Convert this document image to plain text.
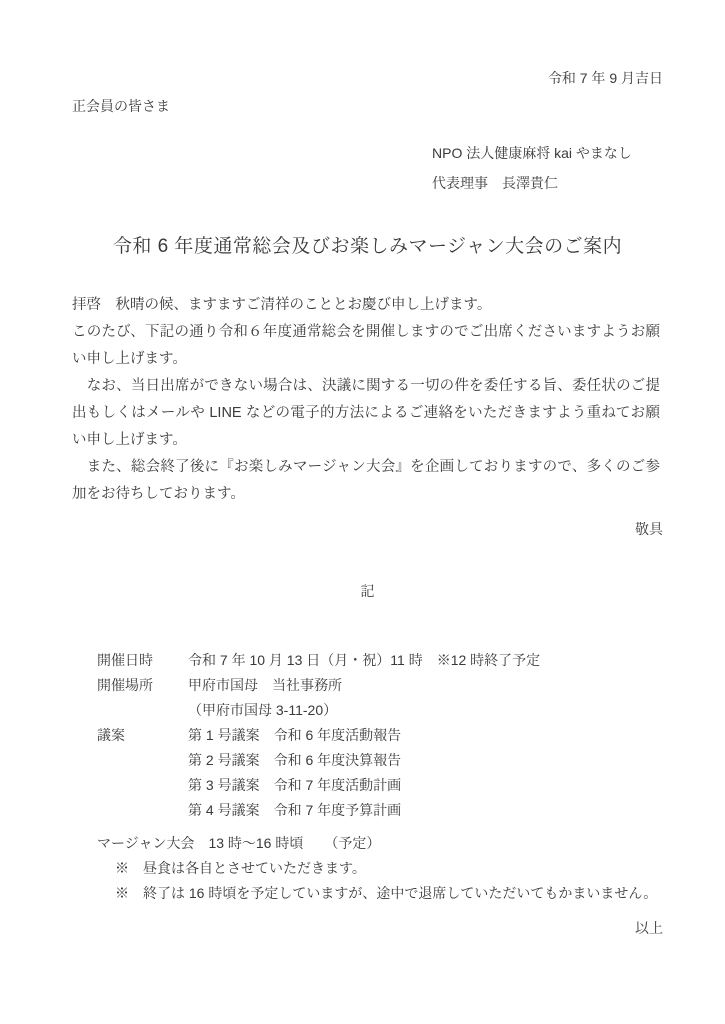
令和 7 年 9 月吉日
正会員の皆さま
NPO 法人健康麻将 kai やまなし
代表理事　長澤貴仁
令和 6 年度通常総会及びお楽しみマージャン大会のご案内

拝啓　秋晴の候、ますますご清祥のこととお慶び申し上げます。

このたび、下記の通り令和６年度通常総会を開催しますのでご出席くださいますようお願い申し上げます。

　なお、当日出席ができない場合は、決議に関する一切の件を委任する旨、委任状のご提出もしくはメールや LINE などの電子的方法によるご連絡をいただきますよう重ねてお願い申し上げます。

　また、総会終了後に『お楽しみマージャン大会』を企画しておりますので、多くのご参加をお待ちしております。

敬具
記
開催日時	令和 7 年 10 月 13 日（月・祝）11 時　※12 時終了予定
開催場所	甲府市国母　当社事務所
（甲府市国母 3-11-20）
議案	第 1 号議案　令和 6 年度活動報告
第 2 号議案　令和 6 年度決算報告
第 3 号議案　令和 7 年度活動計画
第 4 号議案　令和 7 年度予算計画
マージャン大会　13 時～16 時頃　　（予定）
※　昼食は各自とさせていただきます。
※　終了は 16 時頃を予定していますが、途中で退席していただいてもかまいません。
以上
